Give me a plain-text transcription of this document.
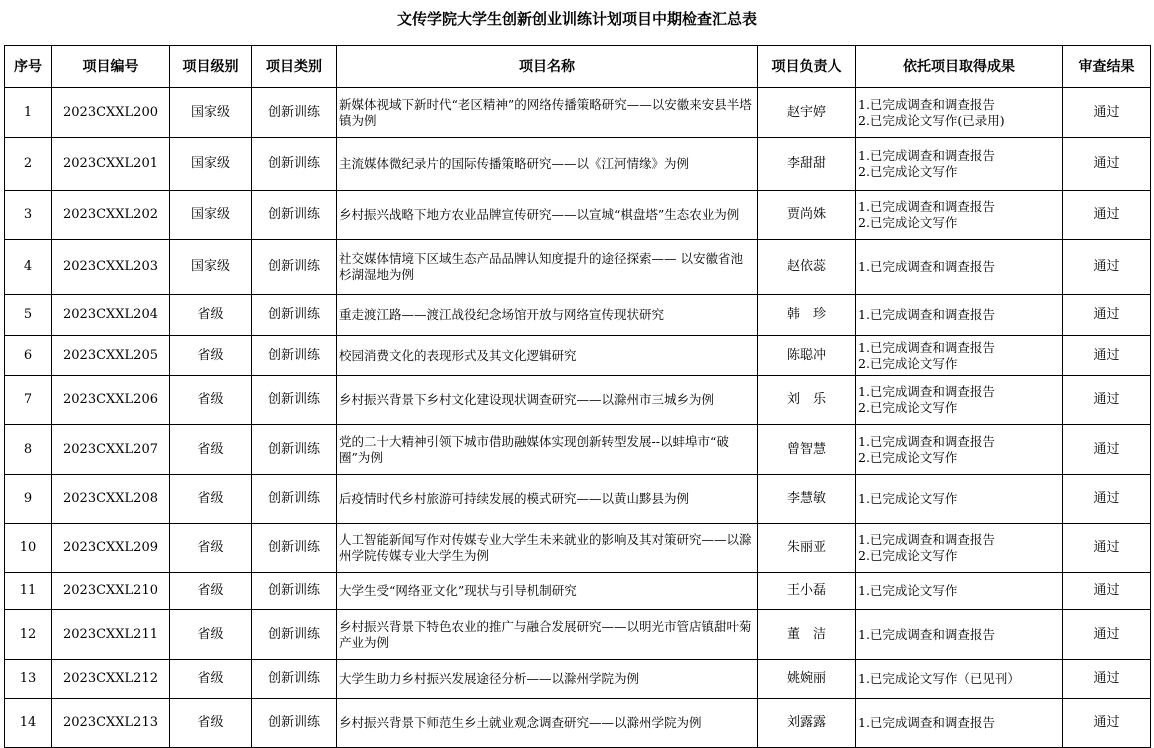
文传学院大学生创新创业训练计划项目中期检查汇总表
序号	项目编号	项目级别	项目类别	项目名称	项目负责人	依托项目取得成果	审查结果
1	2023CXXL200	国家级	创新训练	新媒体视域下新时代“老区精神”的网络传播策略研究——以安徽来安县半塔镇为例	赵宇婷	1.已完成调查和调查报告
2.已完成论文写作(已录用)	通过
2	2023CXXL201	国家级	创新训练	主流媒体微纪录片的国际传播策略研究——以《江河情缘》为例	李甜甜	1.已完成调查和调查报告
2.已完成论文写作	通过
3	2023CXXL202	国家级	创新训练	乡村振兴战略下地方农业品牌宣传研究——以宣城“棋盘塔”生态农业为例	贾尚姝	1.已完成调查和调查报告
2.已完成论文写作	通过
4	2023CXXL203	国家级	创新训练	社交媒体情境下区域生态产品品牌认知度提升的途径探索—— 以安徽省池杉湖湿地为例	赵依蕊	1.已完成调查和调查报告	通过
5	2023CXXL204	省级	创新训练	重走渡江路——渡江战役纪念场馆开放与网络宣传现状研究	韩　珍	1.已完成调查和调查报告	通过
6	2023CXXL205	省级	创新训练	校园消费文化的表现形式及其文化逻辑研究	陈聪冲	1.已完成调查和调查报告
2.已完成论文写作	通过
7	2023CXXL206	省级	创新训练	乡村振兴背景下乡村文化建设现状调查研究——以滁州市三城乡为例	刘　乐	1.已完成调查和调查报告
2.已完成论文写作	通过
8	2023CXXL207	省级	创新训练	党的二十大精神引领下城市借助融媒体实现创新转型发展--以蚌埠市“破圈”为例	曾智慧	1.已完成调查和调查报告
2.已完成论文写作	通过
9	2023CXXL208	省级	创新训练	后疫情时代乡村旅游可持续发展的模式研究——以黄山黟县为例	李慧敏	1.已完成论文写作	通过
10	2023CXXL209	省级	创新训练	人工智能新闻写作对传媒专业大学生未来就业的影响及其对策研究——以滁州学院传媒专业大学生为例	朱丽亚	1.已完成调查和调查报告
2.已完成论文写作	通过
11	2023CXXL210	省级	创新训练	大学生受“网络亚文化”现状与引导机制研究	王小磊	1.已完成论文写作	通过
12	2023CXXL211	省级	创新训练	乡村振兴背景下特色农业的推广与融合发展研究——以明光市管店镇甜叶菊产业为例	董　洁	1.已完成调查和调查报告	通过
13	2023CXXL212	省级	创新训练	大学生助力乡村振兴发展途径分析——以滁州学院为例	姚婉丽	1.已完成论文写作（已见刊）	通过
14	2023CXXL213	省级	创新训练	乡村振兴背景下师范生乡土就业观念调查研究——以滁州学院为例	刘露露	1.已完成调查和调查报告	通过
